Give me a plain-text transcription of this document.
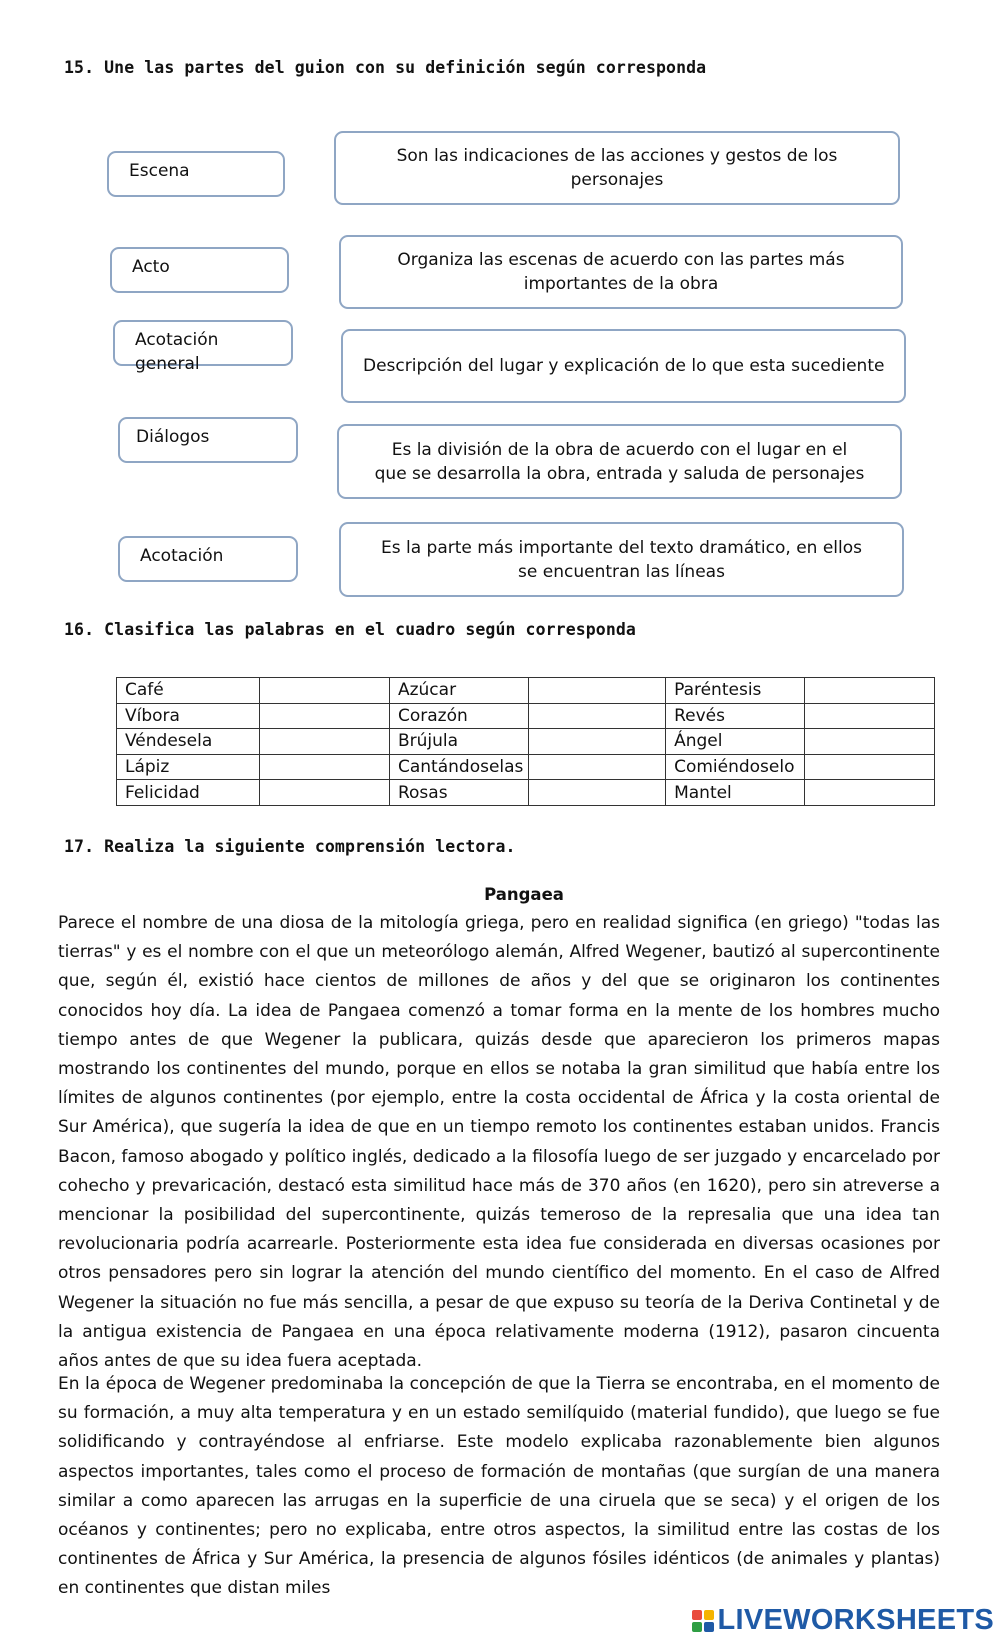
15. Une las partes del guion con su definición según corresponda
Escena
Acto
Acotación general
Diálogos
Acotación
Son las indicaciones de las acciones y gestos de los personajes
Organiza las escenas de acuerdo con las partes más importantes de la obra
Descripción del lugar y explicación de lo que esta sucediente
Es la división de la obra de acuerdo con el lugar en el que se desarrolla la obra, entrada y saluda de personajes
Es la parte más importante del texto dramático, en ellos se encuentran las líneas
16. Clasifica las palabras en el cuadro según corresponda
Café		Azúcar		Paréntesis	
Víbora		Corazón		Revés	
Véndesela		Brújula		Ángel	
Lápiz		Cantándoselas		Comiéndoselo	
Felicidad		Rosas		Mantel	
17. Realiza la siguiente comprensión lectora.
Pangaea
Parece el nombre de una diosa de la mitología griega, pero en realidad significa (en griego) "todas las tierras" y es el nombre con el que un meteorólogo alemán, Alfred Wegener, bautizó al supercontinente que, según él, existió hace cientos de millones de años y del que se originaron los continentes conocidos hoy día. La idea de Pangaea comenzó a tomar forma en la mente de los hombres mucho tiempo antes de que Wegener la publicara, quizás desde que aparecieron los primeros mapas mostrando los continentes del mundo, porque en ellos se notaba la gran similitud que había entre los límites de algunos continentes (por ejemplo, entre la costa occidental de África y la costa oriental de Sur América), que sugería la idea de que en un tiempo remoto los continentes estaban unidos. Francis Bacon, famoso abogado y político inglés, dedicado a la filosofía luego de ser juzgado y encarcelado por cohecho y prevaricación, destacó esta similitud hace más de 370 años (en 1620), pero sin atreverse a mencionar la posibilidad del supercontinente, quizás temeroso de la represalia que una idea tan revolucionaria podría acarrearle. Posteriormente esta idea fue considerada en diversas ocasiones por otros pensadores pero sin lograr la atención del mundo científico del momento. En el caso de Alfred Wegener la situación no fue más sencilla, a pesar de que expuso su teoría de la Deriva Continetal y de la antigua existencia de Pangaea en una época relativamente moderna (1912), pasaron cincuenta años antes de que su idea fuera aceptada.
En la época de Wegener predominaba la concepción de que la Tierra se encontraba, en el momento de su formación, a muy alta temperatura y en un estado semilíquido (material fundido), que luego se fue solidificando y contrayéndose al enfriarse. Este modelo explicaba razonablemente bien algunos aspectos importantes, tales como el proceso de formación de montañas (que surgían de una manera similar a como aparecen las arrugas en la superficie de una ciruela que se seca) y el origen de los océanos y continentes; pero no explicaba, entre otros aspectos, la similitud entre las costas de los continentes de África y Sur América, la presencia de algunos fósiles idénticos (de animales y plantas) en continentes que distan miles
LIVEWORKSHEETS
